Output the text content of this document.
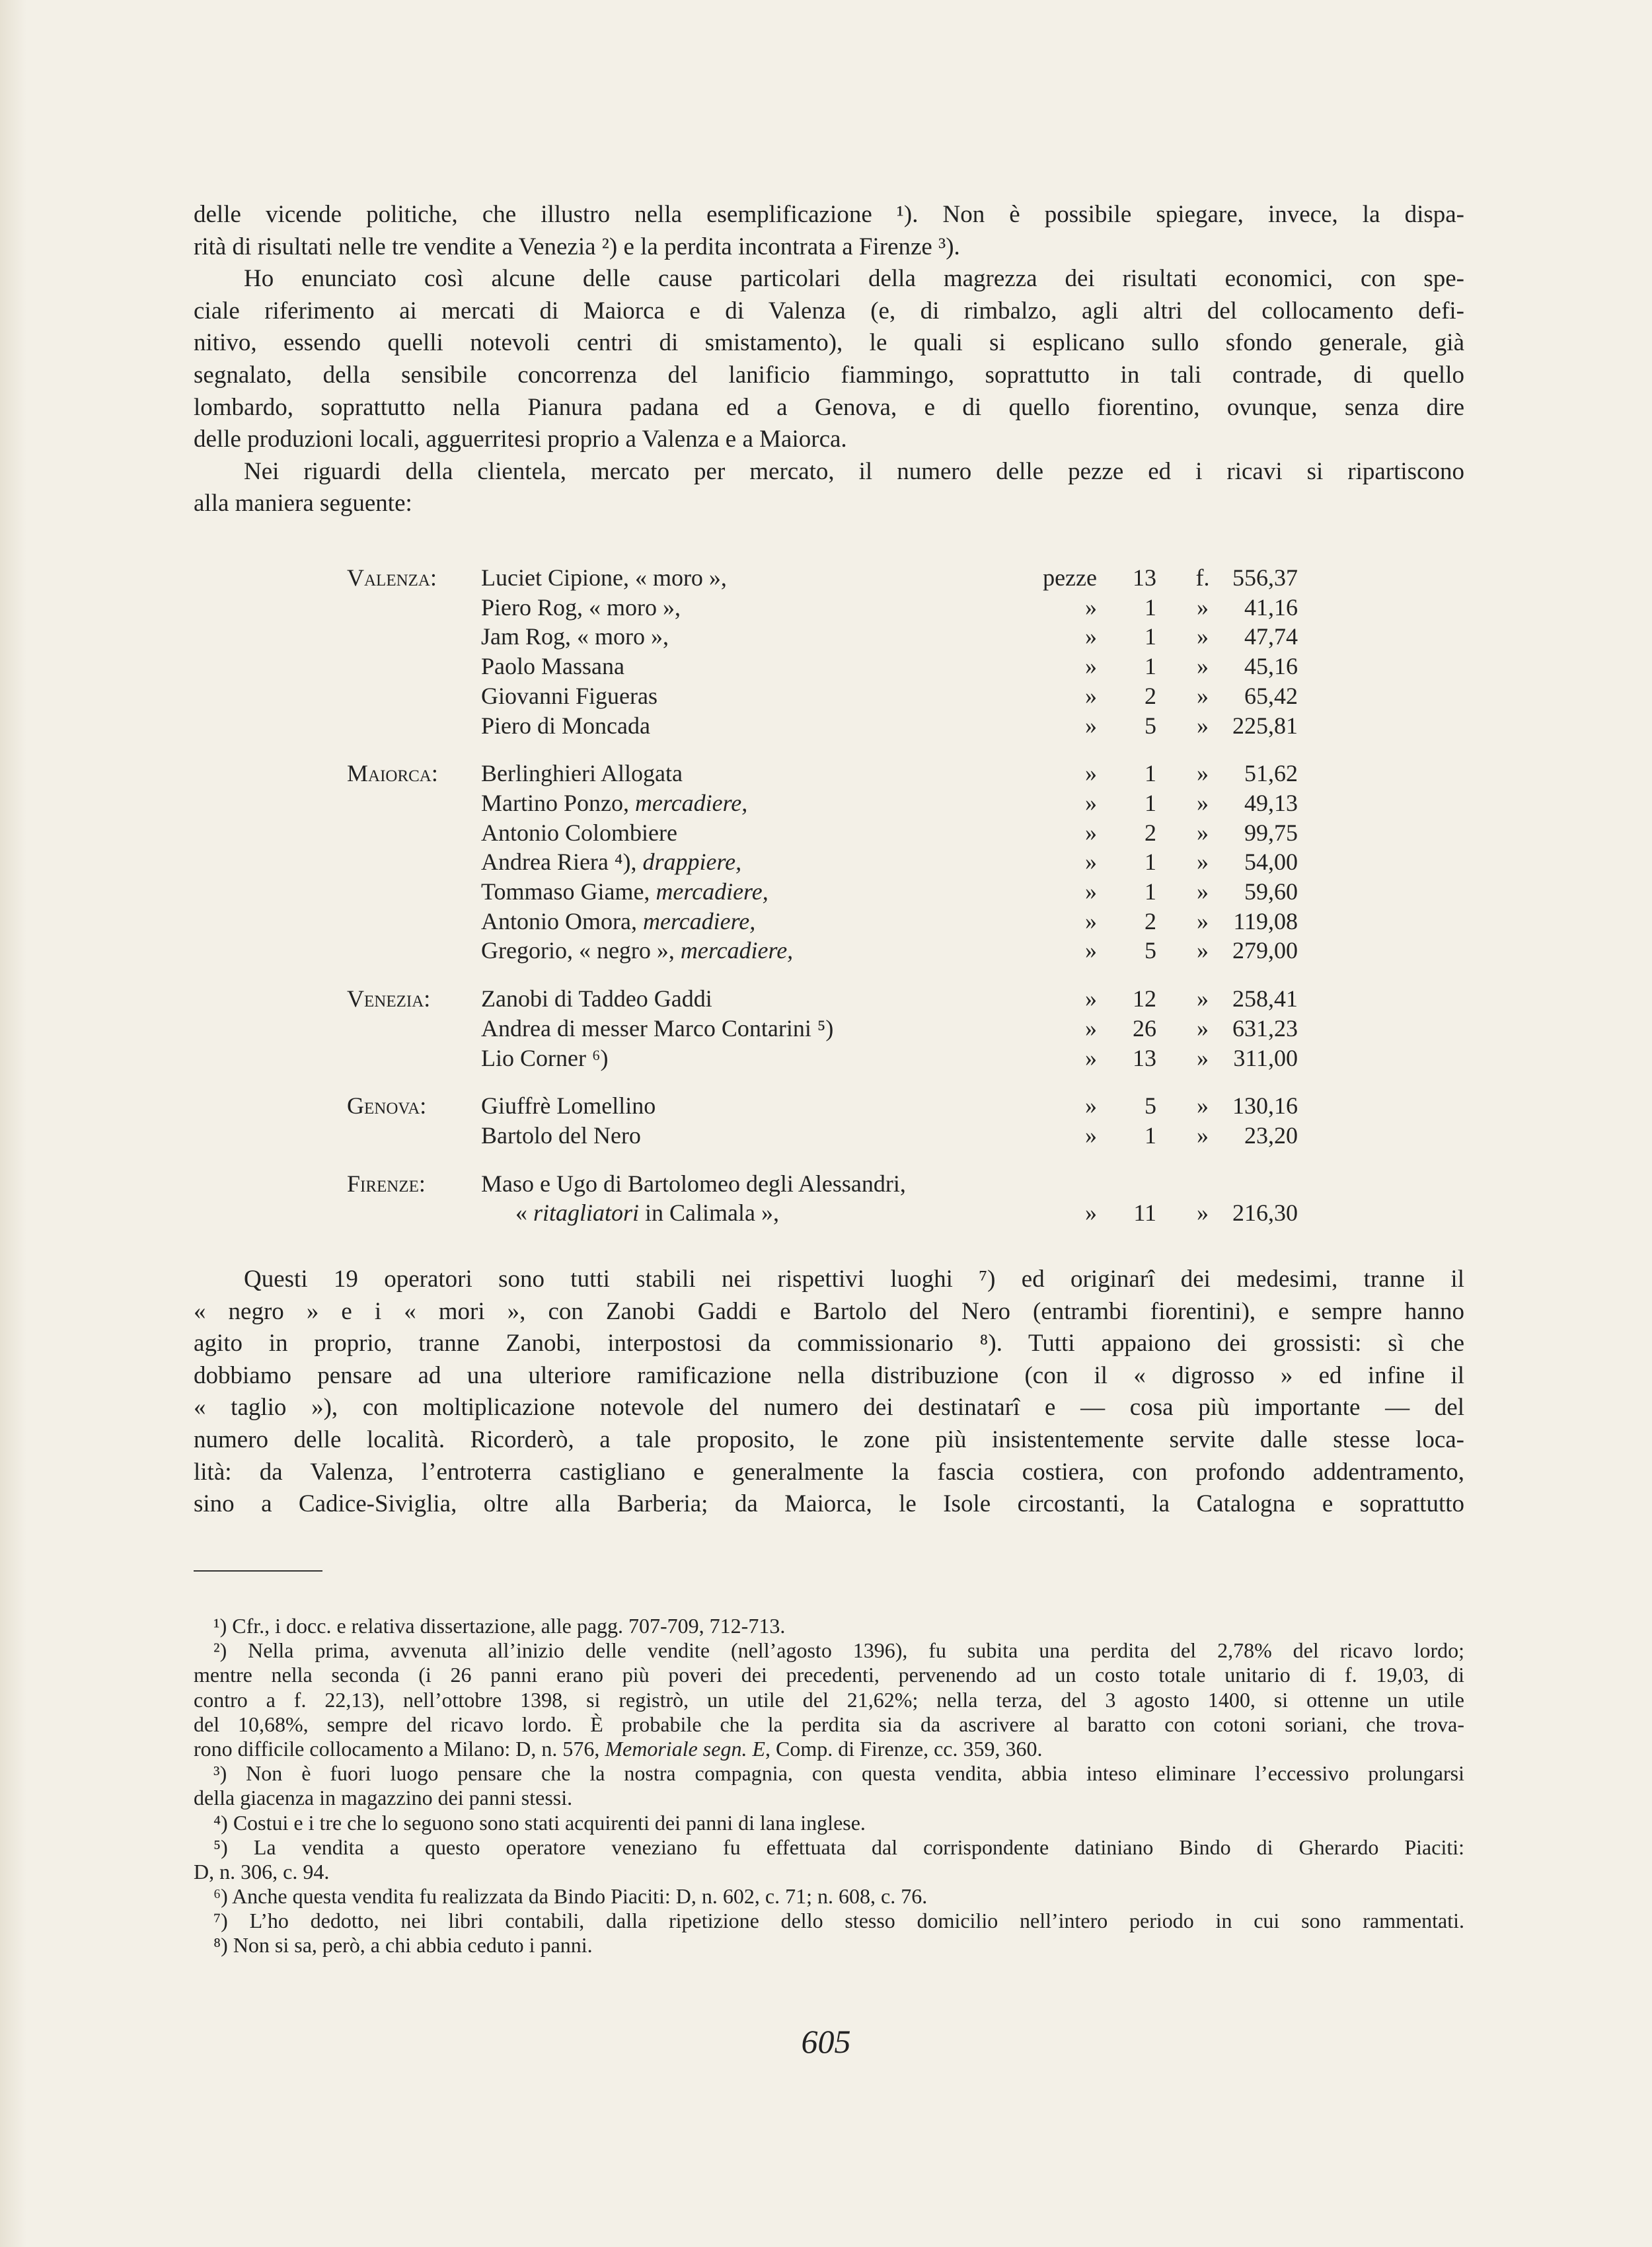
delle vicende politiche, che illustro nella esemplificazione ¹). Non è possibile spiegare, invece, la dispa-
rità di risultati nelle tre vendite a Venezia ²) e la perdita incontrata a Firenze ³).
Ho enunciato così alcune delle cause particolari della magrezza dei risultati economici, con spe-
ciale riferimento ai mercati di Maiorca e di Valenza (e, di rimbalzo, agli altri del collocamento defi-
nitivo, essendo quelli notevoli centri di smistamento), le quali si esplicano sullo sfondo generale, già
segnalato, della sensibile concorrenza del lanificio fiammingo, soprattutto in tali contrade, di quello
lombardo, soprattutto nella Pianura padana ed a Genova, e di quello fiorentino, ovunque, senza dire
delle produzioni locali, agguerritesi proprio a Valenza e a Maiorca.
Nei riguardi della clientela, mercato per mercato, il numero delle pezze ed i ricavi si ripartiscono
alla maniera seguente:
Valenza: Luciet Cipione, « moro »,	pezze	13 f. 556,37
Piero Rog, « moro »,	»	1	»	41,16
Jam Rog, « moro »,	»	1	»	47,74
Paolo Massana	»	1	»	45,16
Giovanni Figueras	»	2	»	65,42
Piero di Moncada	»	5	»	225,81
Maiorca: Berlinghieri Allogata	»	1	»	51,62
Martino Ponzo, mercadiere,	»	1	»	49,13
Antonio Colombiere	»	2	»	99,75
Andrea Riera ⁴), drappiere,	»	1	»	54,00
Tommaso Giame, mercadiere,	»	1	»	59,60
Antonio Omora, mercadiere,	»	2	»	119,08
Gregorio, « negro », mercadiere,	»	5	»	279,00
Venezia: Zanobi di Taddeo Gaddi	»	12	»	258,41
Andrea di messer Marco Contarini ⁵)	»	26	»	631,23
Lio Corner ⁶)	»	13	»	311,00
Genova: Giuffrè Lomellino	»	5	»	130,16
Bartolo del Nero	»	1	»	23,20
Firenze: Maso e Ugo di Bartolomeo degli Alessandri,
« ritagliatori in Calimala »,	»	11	»	216,30
Questi 19 operatori sono tutti stabili nei rispettivi luoghi ⁷) ed originarî dei medesimi, tranne il
« negro » e i « mori », con Zanobi Gaddi e Bartolo del Nero (entrambi fiorentini), e sempre hanno
agito in proprio, tranne Zanobi, interpostosi da commissionario ⁸). Tutti appaiono dei grossisti: sì che
dobbiamo pensare ad una ulteriore ramificazione nella distribuzione (con il « digrosso » ed infine il
« taglio »), con moltiplicazione notevole del numero dei destinatarî e — cosa più importante — del
numero delle località. Ricorderò, a tale proposito, le zone più insistentemente servite dalle stesse loca-
lità: da Valenza, l’entroterra castigliano e generalmente la fascia costiera, con profondo addentramento,
sino a Cadice-Siviglia, oltre alla Barberia; da Maiorca, le Isole circostanti, la Catalogna e soprattutto
¹) Cfr., i docc. e relativa dissertazione, alle pagg. 707-709, 712-713.
²) Nella prima, avvenuta all’inizio delle vendite (nell’agosto 1396), fu subita una perdita del 2,78% del ricavo lordo;
mentre nella seconda (i 26 panni erano più poveri dei precedenti, pervenendo ad un costo totale unitario di f. 19,03, di
contro a f. 22,13), nell’ottobre 1398, si registrò, un utile del 21,62%; nella terza, del 3 agosto 1400, si ottenne un utile
del 10,68%, sempre del ricavo lordo. È probabile che la perdita sia da ascrivere al baratto con cotoni soriani, che trova-
rono difficile collocamento a Milano: D, n. 576, Memoriale segn. E, Comp. di Firenze, cc. 359, 360.
³) Non è fuori luogo pensare che la nostra compagnia, con questa vendita, abbia inteso eliminare l’eccessivo prolungarsi
della giacenza in magazzino dei panni stessi.
⁴) Costui e i tre che lo seguono sono stati acquirenti dei panni di lana inglese.
⁵) La vendita a questo operatore veneziano fu effettuata dal corrispondente datiniano Bindo di Gherardo Piaciti:
D, n. 306, c. 94.
⁶) Anche questa vendita fu realizzata da Bindo Piaciti: D, n. 602, c. 71; n. 608, c. 76.
⁷) L’ho dedotto, nei libri contabili, dalla ripetizione dello stesso domicilio nell’intero periodo in cui sono rammentati.
⁸) Non si sa, però, a chi abbia ceduto i panni.
605
